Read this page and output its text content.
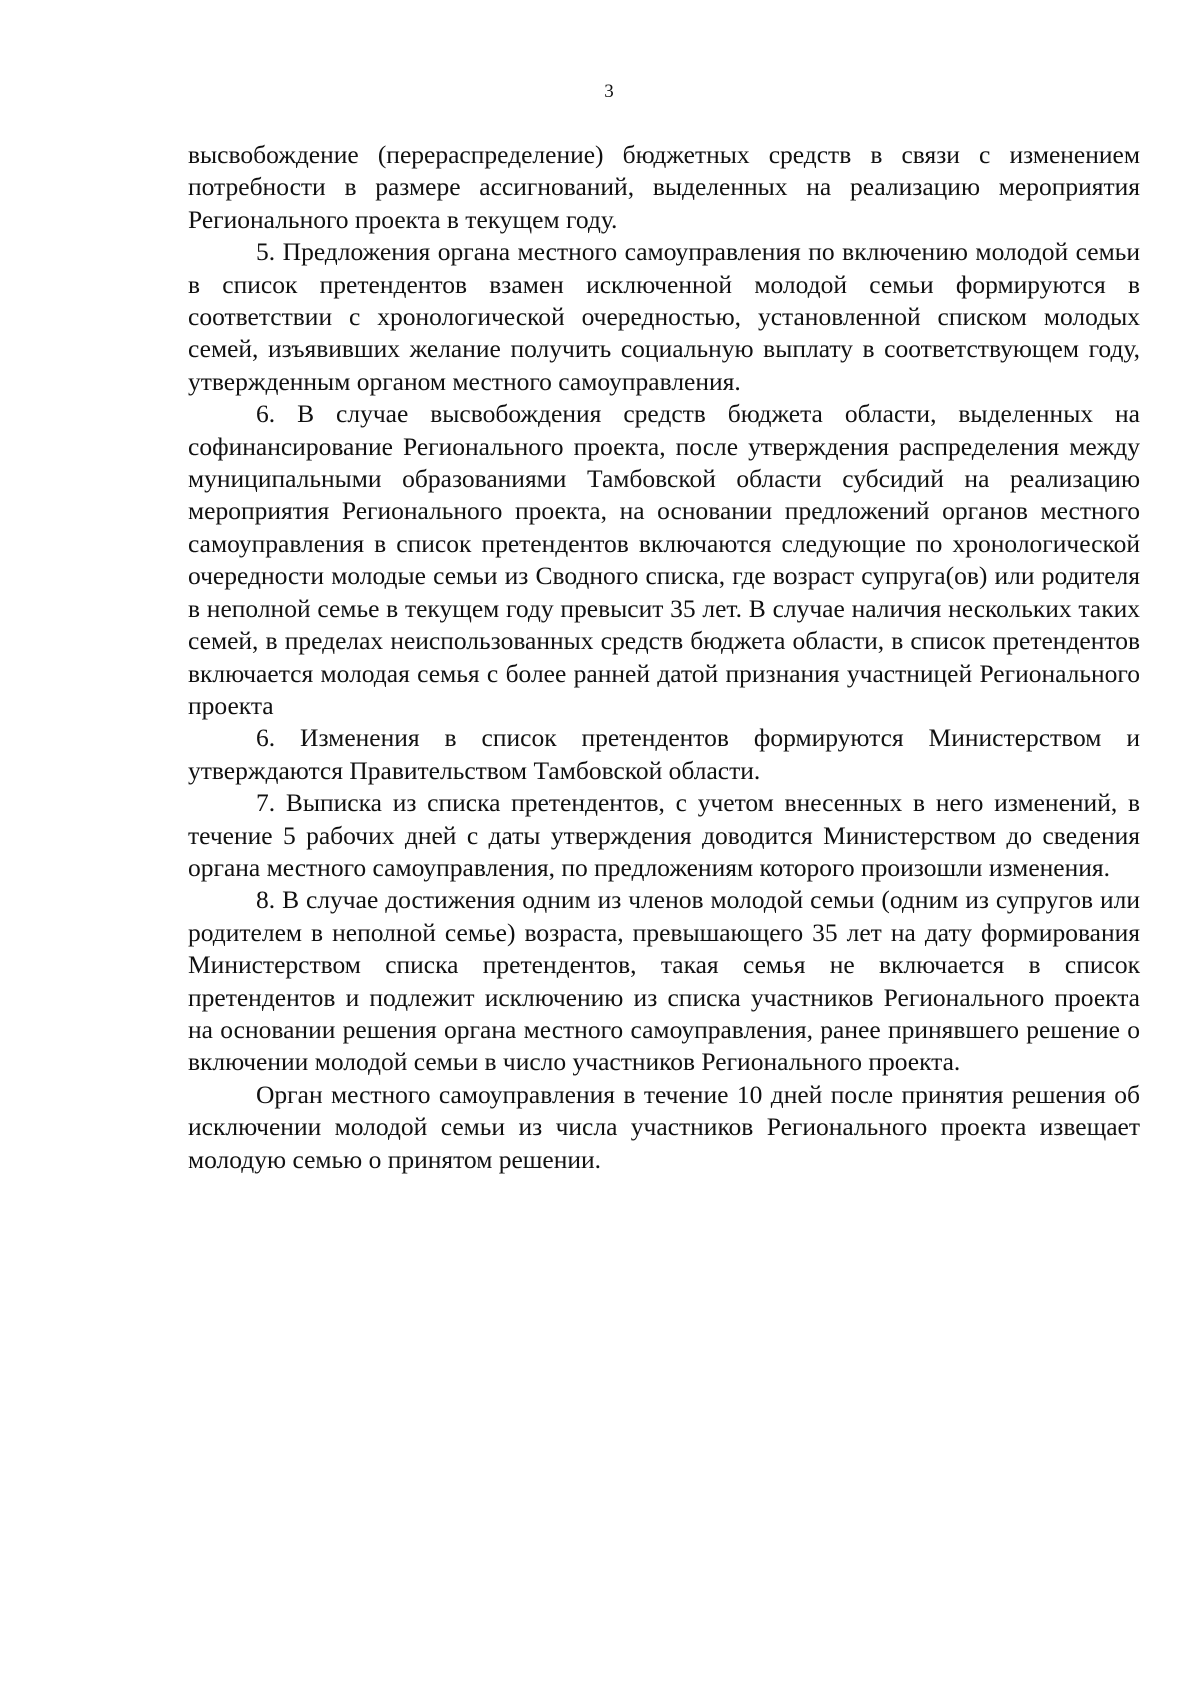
3

высвобождение (перераспределение) бюджетных средств в связи с изменением потребности в размере ассигнований, выделенных на реализацию мероприятия Регионального проекта в текущем году.

5. Предложения органа местного самоуправления по включению молодой семьи в список претендентов взамен исключенной молодой семьи формируются в соответствии с хронологической очередностью, установленной списком молодых семей, изъявивших желание получить социальную выплату в соответствующем году, утвержденным органом местного самоуправления.

6. В случае высвобождения средств бюджета области, выделенных на софинансирование Регионального проекта, после утверждения распределения между муниципальными образованиями Тамбовской области субсидий на реализацию мероприятия Регионального проекта, на основании предложений органов местного самоуправления в список претендентов включаются следующие по хронологической очередности молодые семьи из Сводного списка, где возраст супруга(ов) или родителя в неполной семье в текущем году превысит 35 лет. В случае наличия нескольких таких семей, в пределах неиспользованных средств бюджета области, в список претендентов включается молодая семья с более ранней датой признания участницей Регионального проекта

6. Изменения в список претендентов формируются Министерством и утверждаются Правительством Тамбовской области.

7. Выписка из списка претендентов, с учетом внесенных в него изменений, в течение 5 рабочих дней с даты утверждения доводится Министерством до сведения органа местного самоуправления, по предложениям которого произошли изменения.

8. В случае достижения одним из членов молодой семьи (одним из супругов или родителем в неполной семье) возраста, превышающего 35 лет на дату формирования Министерством списка претендентов, такая семья не включается в список претендентов и подлежит исключению из списка участников Регионального проекта на основании решения органа местного самоуправления, ранее принявшего решение о включении молодой семьи в число участников Регионального проекта.

Орган местного самоуправления в течение 10 дней после принятия решения об исключении молодой семьи из числа участников Регионального проекта извещает молодую семью о принятом решении.
